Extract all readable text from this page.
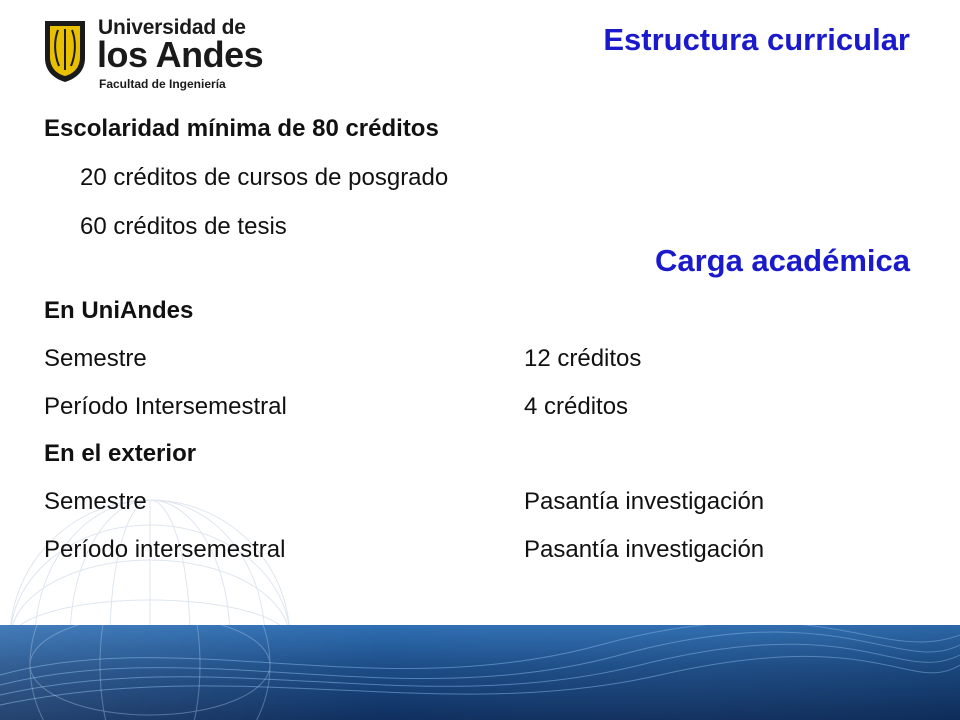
Universidad de
los Andes
Facultad de Ingeniería
Estructura curricular
Escolaridad mínima de 80 créditos
20 créditos de cursos de posgrado
60 créditos de tesis
Carga académica
En UniAndes
Semestre	12 créditos
Período Intersemestral	4 créditos
En el exterior
Semestre	Pasantía investigación
Período intersemestral	Pasantía investigación
